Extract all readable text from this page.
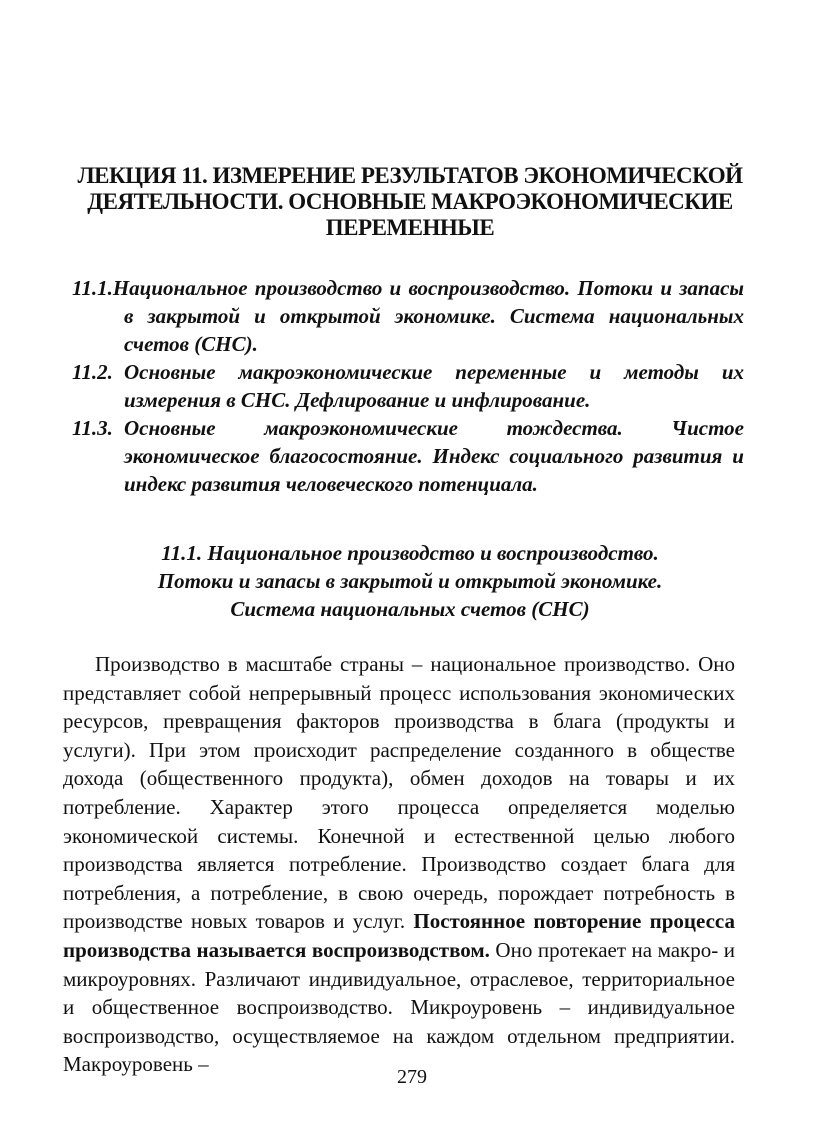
ЛЕКЦИЯ 11. ИЗМЕРЕНИЕ РЕЗУЛЬТАТОВ ЭКОНОМИЧЕСКОЙ
ДЕЯТЕЛЬНОСТИ. ОСНОВНЫЕ МАКРОЭКОНОМИЧЕСКИЕ
ПЕРЕМЕННЫЕ
11.1.Национальное производство и воспроизводство. Потоки и запасы в закрытой и открытой экономике. Система национальных счетов (СНС).
11.2. Основные макроэкономические переменные и методы их измерения в СНС. Дефлирование и инфлирование.
11.3. Основные макроэкономические тождества. Чистое экономическое благосостояние. Индекс социального развития и индекс развития человеческого потенциала.
11.1. Национальное производство и воспроизводство.
Потоки и запасы в закрытой и открытой экономике.
Система национальных счетов (СНС)

Производство в масштабе страны – национальное производство. Оно представляет собой непрерывный процесс использования экономических ресурсов, превращения факторов производства в блага (продукты и услуги). При этом происходит распределение созданного в обществе дохода (общественного продукта), обмен доходов на товары и их потребление. Характер этого процесса определяется моделью экономической системы. Конечной и естественной целью любого производства является потребление. Производство создает блага для потребления, а потребление, в свою очередь, порождает потребность в производстве новых товаров и услуг. Постоянное повторение процесса производства называется воспроизводством. Оно протекает на макро- и микроуровнях. Различают индивидуальное, отраслевое, территориальное и общественное воспроизводство. Микроуровень – индивидуальное воспроизводство, осуществляемое на каждом отдельном предприятии. Макроуровень –

279
